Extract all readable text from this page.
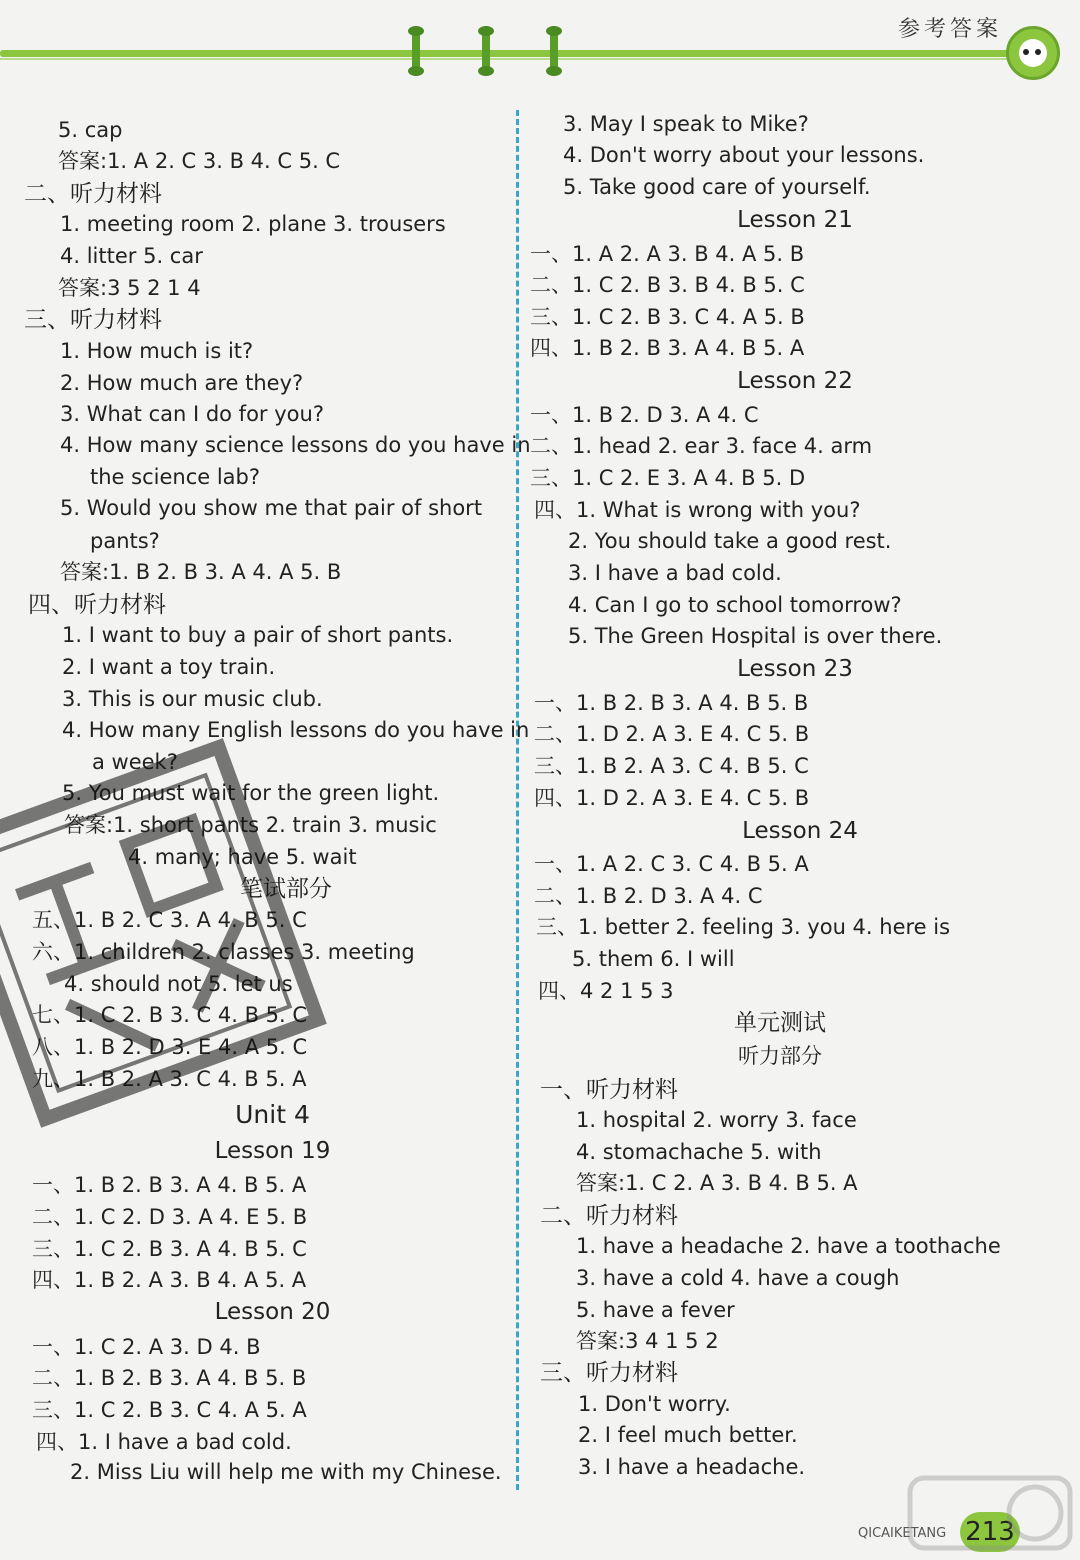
参考答案
5. cap
答案:1. A 2. C 3. B 4. C 5. C
二、听力材料
1. meeting room 2. plane 3. trousers
4. litter 5. car
答案:3 5 2 1 4
三、听力材料
1. How much is it?
2. How much are they?
3. What can I do for you?
4. How many science lessons do you have in
the science lab?
5. Would you show me that pair of short
pants?
答案:1. B 2. B 3. A 4. A 5. B
四、听力材料
1. I want to buy a pair of short pants.
2. I want a toy train.
3. This is our music club.
4. How many English lessons do you have in
a week?
5. You must wait for the green light.
答案:1. short pants 2. train 3. music
4. many; have 5. wait
笔试部分
五、1. B 2. C 3. A 4. B 5. C
六、1. children 2. classes 3. meeting
4. should not 5. let us
七、1. C 2. B 3. C 4. B 5. C
八、1. B 2. D 3. E 4. A 5. C
九、1. B 2. A 3. C 4. B 5. A
Unit 4
Lesson 19
一、1. B 2. B 3. A 4. B 5. A
二、1. C 2. D 3. A 4. E 5. B
三、1. C 2. B 3. A 4. B 5. C
四、1. B 2. A 3. B 4. A 5. A
Lesson 20
一、1. C 2. A 3. D 4. B
二、1. B 2. B 3. A 4. B 5. B
三、1. C 2. B 3. C 4. A 5. A
四、1. I have a bad cold.
2. Miss Liu will help me with my Chinese.
3. May I speak to Mike?
4. Don't worry about your lessons.
5. Take good care of yourself.
Lesson 21
一、1. A 2. A 3. B 4. A 5. B
二、1. C 2. B 3. B 4. B 5. C
三、1. C 2. B 3. C 4. A 5. B
四、1. B 2. B 3. A 4. B 5. A
Lesson 22
一、1. B 2. D 3. A 4. C
二、1. head 2. ear 3. face 4. arm
三、1. C 2. E 3. A 4. B 5. D
四、1. What is wrong with you?
2. You should take a good rest.
3. I have a bad cold.
4. Can I go to school tomorrow?
5. The Green Hospital is over there.
Lesson 23
一、1. B 2. B 3. A 4. B 5. B
二、1. D 2. A 3. E 4. C 5. B
三、1. B 2. A 3. C 4. B 5. C
四、1. D 2. A 3. E 4. C 5. B
Lesson 24
一、1. A 2. C 3. C 4. B 5. A
二、1. B 2. D 3. A 4. C
三、1. better 2. feeling 3. you 4. here is
5. them 6. I will
四、4 2 1 5 3
单元测试
听力部分
一、听力材料
1. hospital 2. worry 3. face
4. stomachache 5. with
答案:1. C 2. A 3. B 4. B 5. A
二、听力材料
1. have a headache 2. have a toothache
3. have a cold 4. have a cough
5. have a fever
答案:3 4 1 5 2
三、听力材料
1. Don't worry.
2. I feel much better.
3. I have a headache.
QICAIKETANG 213
